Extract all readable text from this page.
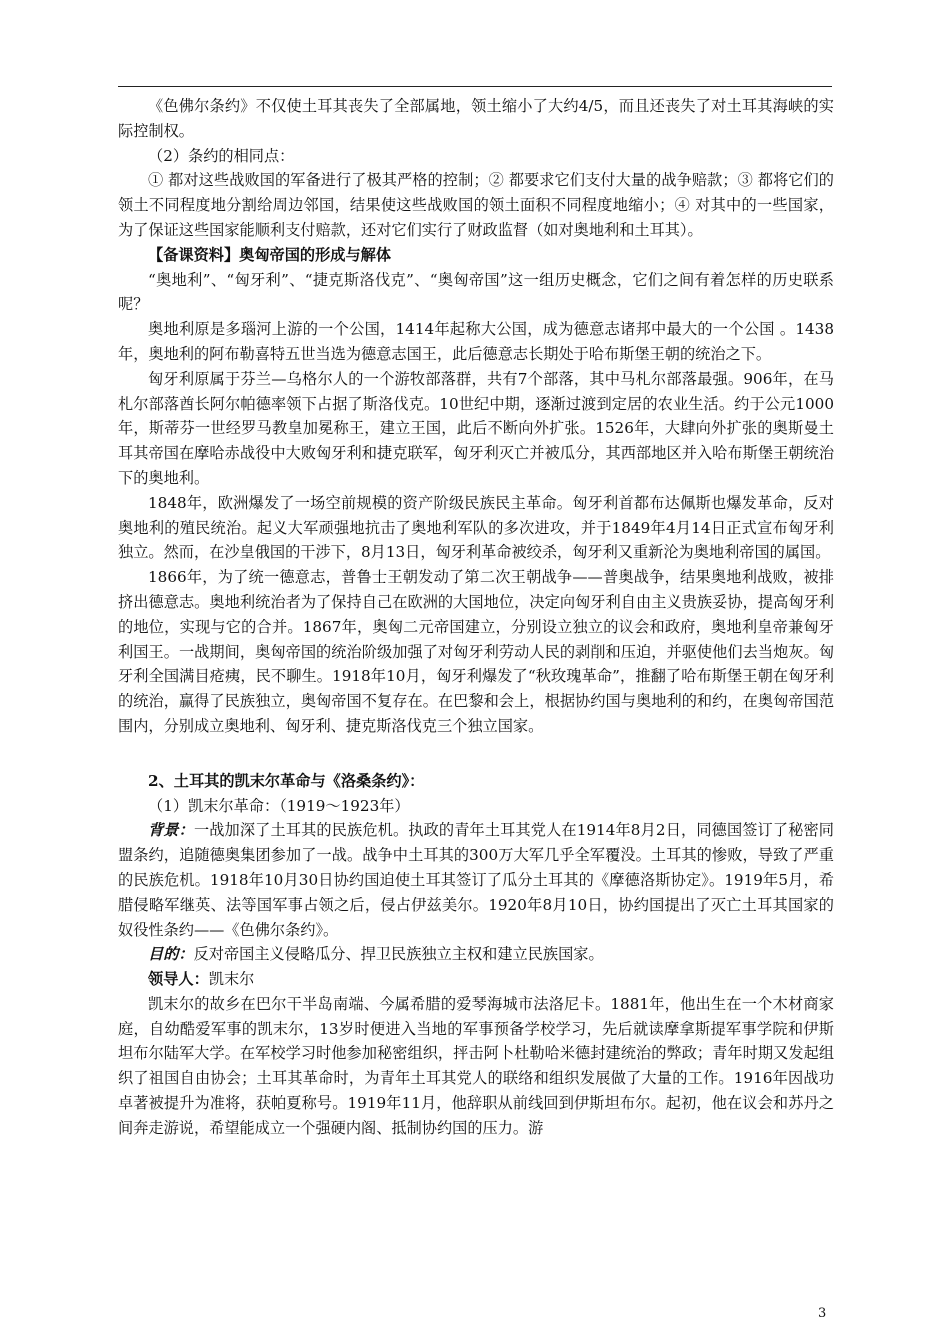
《色佛尔条约》不仅使土耳其丧失了全部属地，领土缩小了大约4/5，而且还丧失了对土耳其海峡的实际控制权。

（2）条约的相同点：

① 都对这些战败国的军备进行了极其严格的控制；② 都要求它们支付大量的战争赔款；③ 都将它们的领土不同程度地分割给周边邻国，结果使这些战败国的领土面积不同程度地缩小；④ 对其中的一些国家，为了保证这些国家能顺利支付赔款，还对它们实行了财政监督（如对奥地利和土耳其）。

【备课资料】奥匈帝国的形成与解体

“奥地利”、“匈牙利”、“捷克斯洛伐克”、“奥匈帝国”这一组历史概念，它们之间有着怎样的历史联系呢？

奥地利原是多瑙河上游的一个公国，1414年起称大公国，成为德意志诸邦中最大的一个公国 。1438年，奥地利的阿布勒喜特五世当选为德意志国王，此后德意志长期处于哈布斯堡王朝的统治之下。

匈牙利原属于芬兰—乌格尔人的一个游牧部落群，共有7个部落，其中马札尔部落最强。906年，在马札尔部落酋长阿尔帕德率领下占据了斯洛伐克。10世纪中期，逐渐过渡到定居的农业生活。约于公元1000年，斯蒂芬一世经罗马教皇加冕称王，建立王国，此后不断向外扩张。1526年，大肆向外扩张的奥斯曼土耳其帝国在摩哈赤战役中大败匈牙利和捷克联军，匈牙利灭亡并被瓜分，其西部地区并入哈布斯堡王朝统治下的奥地利。

1848年，欧洲爆发了一场空前规模的资产阶级民族民主革命。匈牙利首都布达佩斯也爆发革命，反对奥地利的殖民统治。起义大军顽强地抗击了奥地利军队的多次进攻，并于1849年4月14日正式宣布匈牙利独立。然而，在沙皇俄国的干涉下，8月13日，匈牙利革命被绞杀，匈牙利又重新沦为奥地利帝国的属国。

1866年，为了统一德意志，普鲁士王朝发动了第二次王朝战争——普奥战争，结果奥地利战败，被排挤出德意志。奥地利统治者为了保持自己在欧洲的大国地位，决定向匈牙利自由主义贵族妥协，提高匈牙利的地位，实现与它的合并。1867年，奥匈二元帝国建立，分别设立独立的议会和政府，奥地利皇帝兼匈牙利国王。一战期间，奥匈帝国的统治阶级加强了对匈牙利劳动人民的剥削和压迫，并驱使他们去当炮灰。匈牙利全国满目疮痍，民不聊生。1918年10月，匈牙利爆发了“秋玫瑰革命”，推翻了哈布斯堡王朝在匈牙利的统治，赢得了民族独立，奥匈帝国不复存在。在巴黎和会上，根据协约国与奥地利的和约，在奥匈帝国范围内，分别成立奥地利、匈牙利、捷克斯洛伐克三个独立国家。

2、土耳其的凯末尔革命与《洛桑条约》：

（1）凯末尔革命：（1919～1923年）

背景：一战加深了土耳其的民族危机。执政的青年土耳其党人在1914年8月2日，同德国签订了秘密同盟条约，追随德奥集团参加了一战。战争中土耳其的300万大军几乎全军覆没。土耳其的惨败，导致了严重的民族危机。1918年10月30日协约国迫使土耳其签订了瓜分土耳其的《摩德洛斯协定》。1919年5月，希腊侵略军继英、法等国军事占领之后，侵占伊兹美尔。1920年8月10日，协约国提出了灭亡土耳其国家的奴役性条约——《色佛尔条约》。

目的：反对帝国主义侵略瓜分、捍卫民族独立主权和建立民族国家。

领导人：凯末尔

凯末尔的故乡在巴尔干半岛南端、今属希腊的爱琴海城市法洛尼卡。1881年，他出生在一个木材商家庭，自幼酷爱军事的凯末尔，13岁时便进入当地的军事预备学校学习，先后就读摩拿斯提军事学院和伊斯坦布尔陆军大学。在军校学习时他参加秘密组织，抨击阿卜杜勒哈米德封建统治的弊政；青年时期又发起组织了祖国自由协会；土耳其革命时，为青年土耳其党人的联络和组织发展做了大量的工作。1916年因战功卓著被提升为准将，获帕夏称号。1919年11月，他辞职从前线回到伊斯坦布尔。起初，他在议会和苏丹之间奔走游说，希望能成立一个强硬内阁、抵制协约国的压力。游

3
